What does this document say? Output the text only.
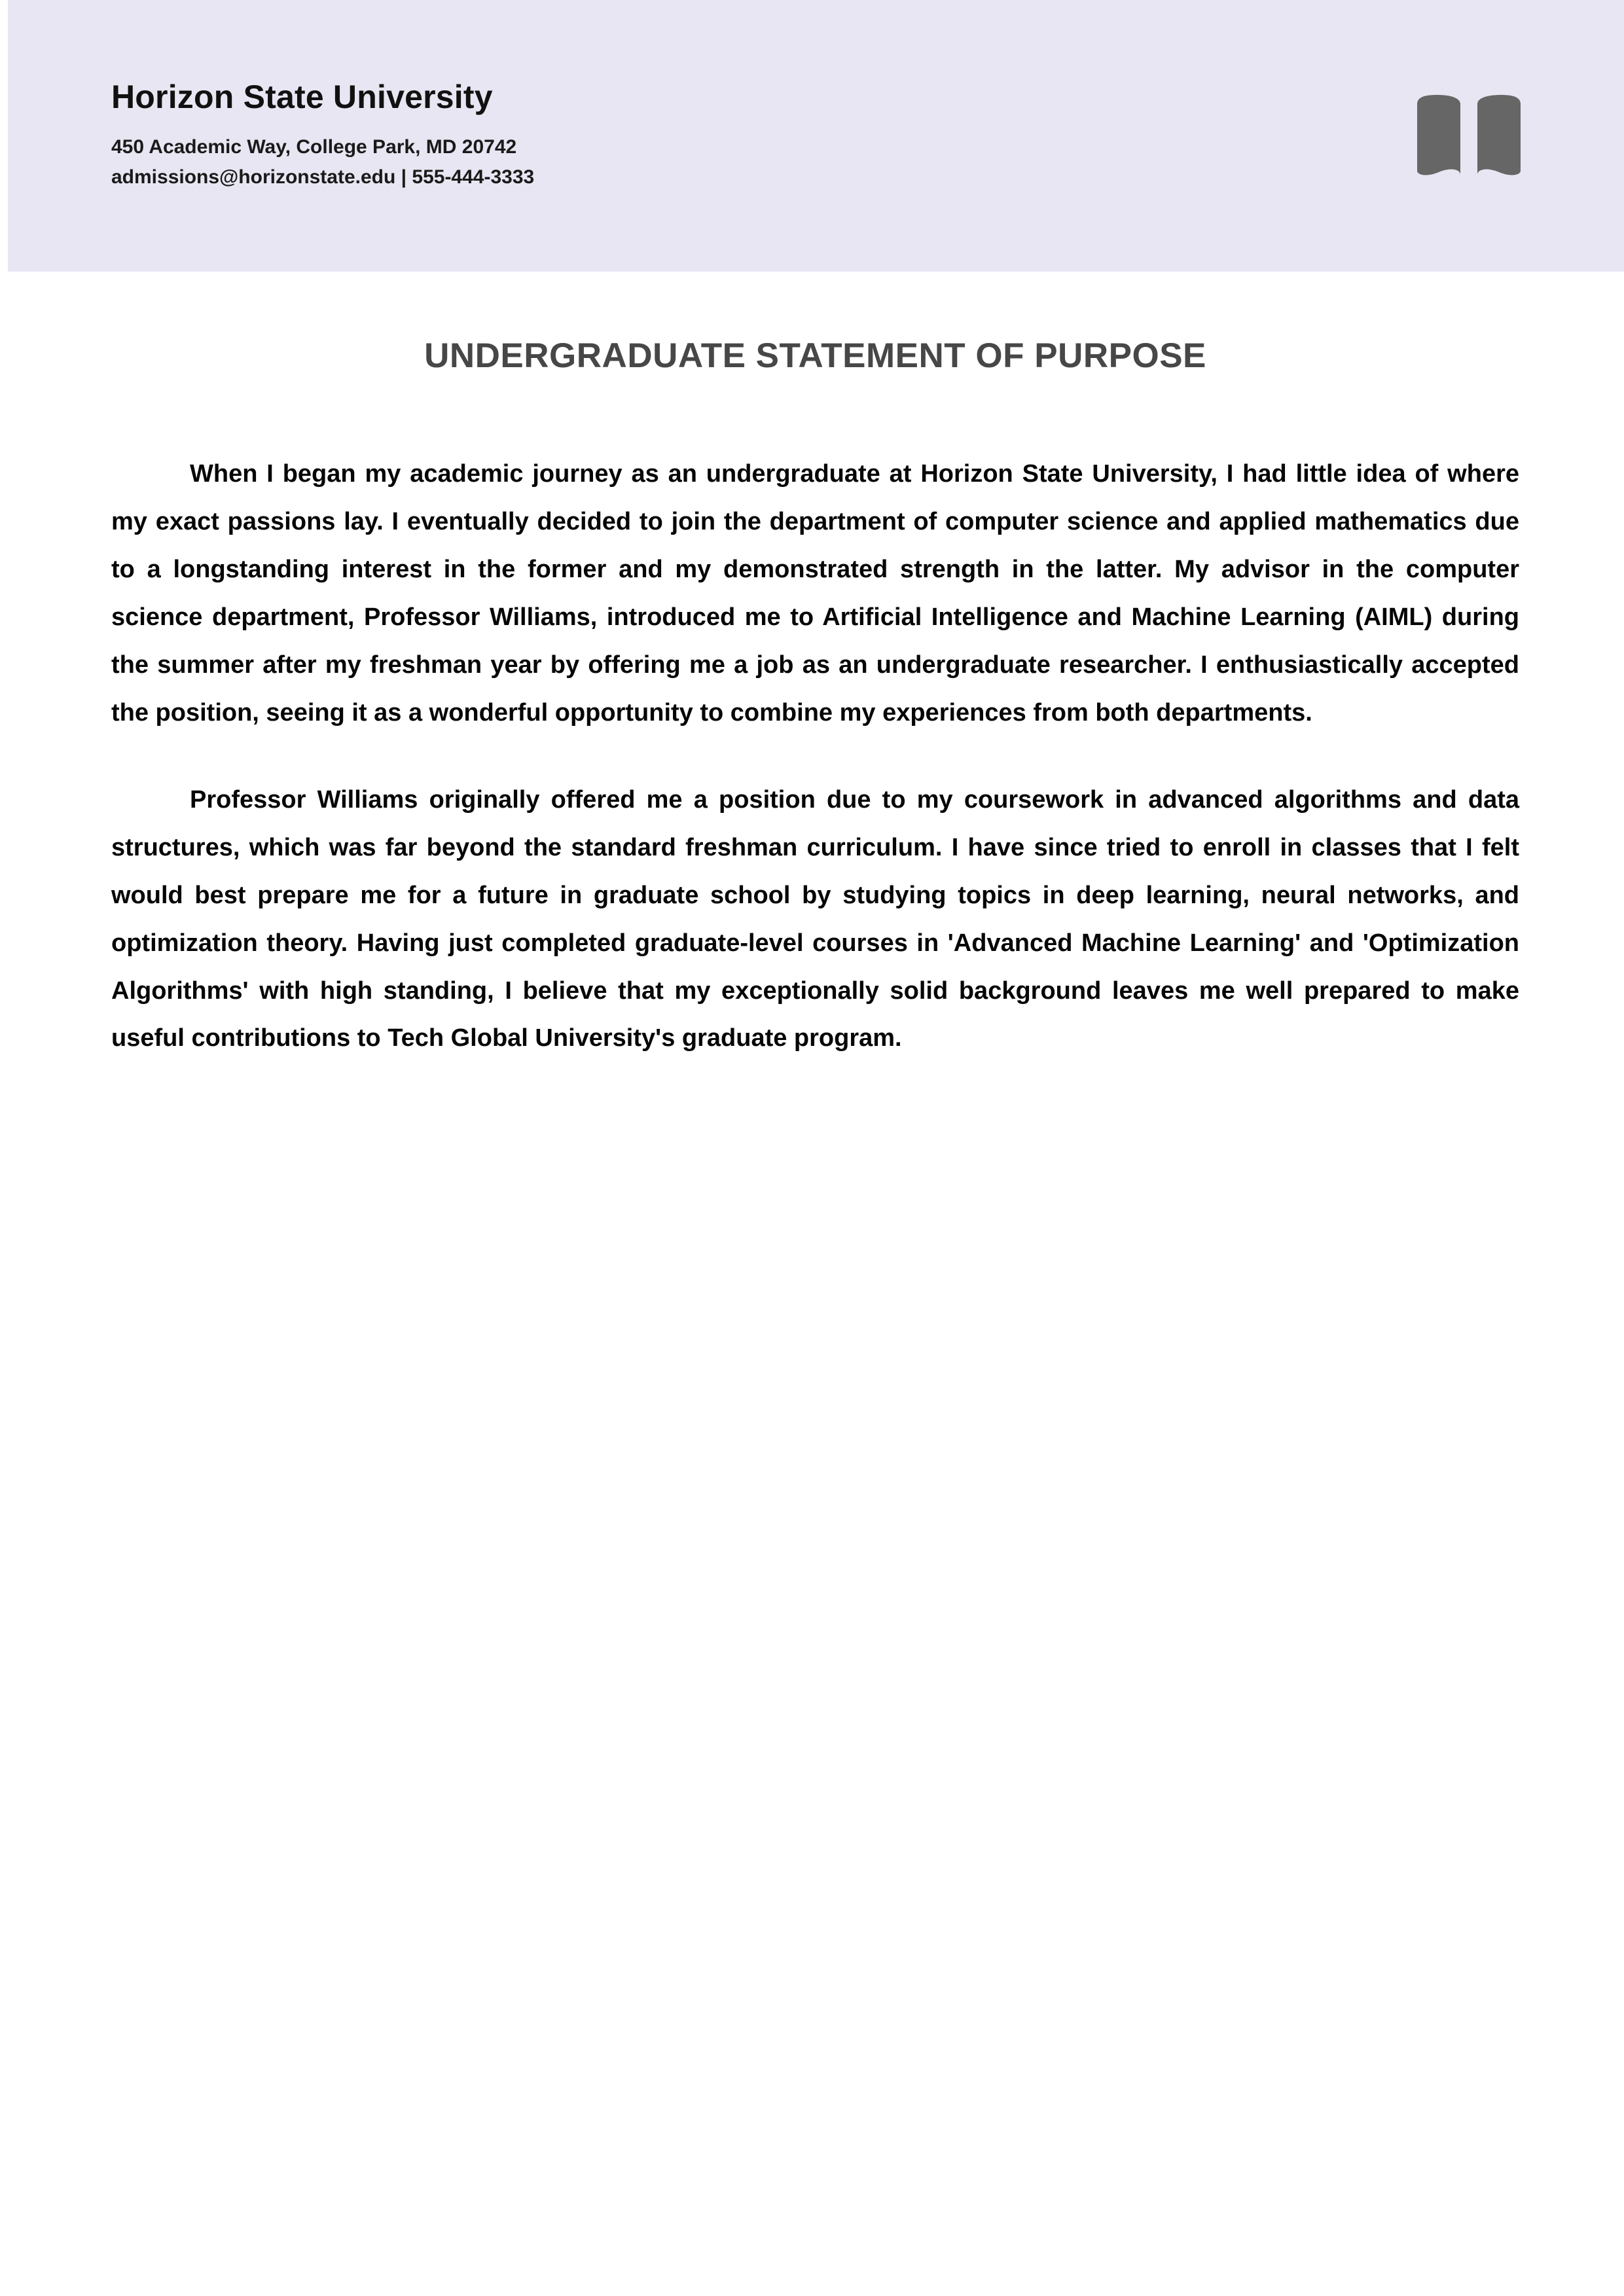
Horizon State University
450 Academic Way, College Park, MD 20742
admissions@horizonstate.edu | 555-444-3333
UNDERGRADUATE STATEMENT OF PURPOSE

When I began my academic journey as an undergraduate at Horizon State University, I had little idea of where my exact passions lay. I eventually decided to join the department of computer science and applied mathematics due to a longstanding interest in the former and my demonstrated strength in the latter. My advisor in the computer science department, Professor Williams, introduced me to Artificial Intelligence and Machine Learning (AIML) during the summer after my freshman year by offering me a job as an undergraduate researcher. I enthusiastically accepted the position, seeing it as a wonderful opportunity to combine my experiences from both departments.

Professor Williams originally offered me a position due to my coursework in advanced algorithms and data structures, which was far beyond the standard freshman curriculum. I have since tried to enroll in classes that I felt would best prepare me for a future in graduate school by studying topics in deep learning, neural networks, and optimization theory. Having just completed graduate-level courses in 'Advanced Machine Learning' and 'Optimization Algorithms' with high standing, I believe that my exceptionally solid background leaves me well prepared to make useful contributions to Tech Global University's graduate program.
